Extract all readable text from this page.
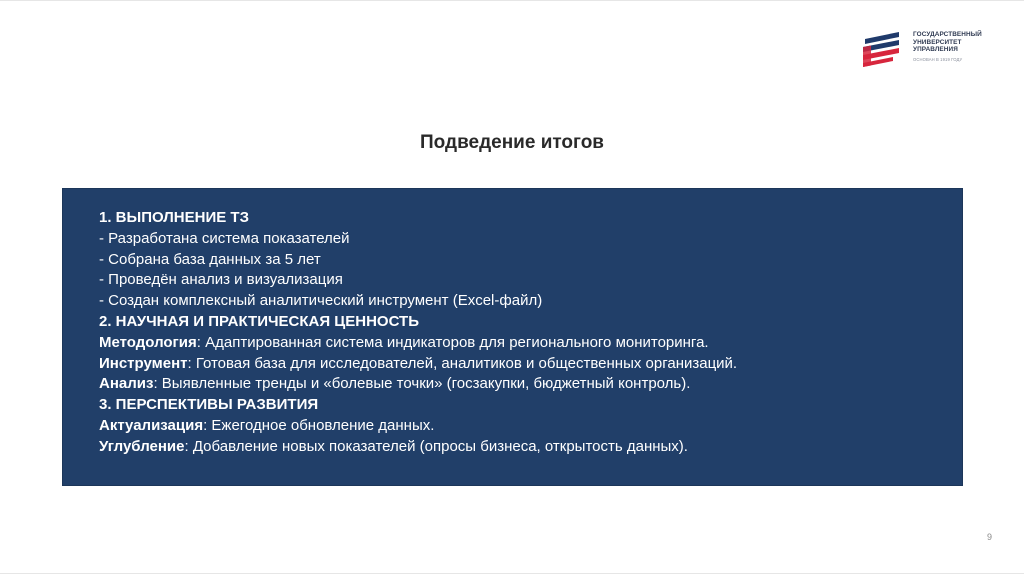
ГОСУДАРСТВЕННЫЙ
УНИВЕРСИТЕТ
УПРАВЛЕНИЯ
ОСНОВАН В 1919 ГОДУ
Подведение итогов
1. ВЫПОЛНЕНИЕ ТЗ
- Разработана система показателей
- Собрана база данных за 5 лет
- Проведён анализ и визуализация
- Создан комплексный аналитический инструмент (Excel-файл)
2. НАУЧНАЯ И ПРАКТИЧЕСКАЯ ЦЕННОСТЬ
Методология: Адаптированная система индикаторов для регионального мониторинга.
Инструмент: Готовая база для исследователей, аналитиков и общественных организаций.
Анализ: Выявленные тренды и «болевые точки» (госзакупки, бюджетный контроль).
3. ПЕРСПЕКТИВЫ РАЗВИТИЯ
Актуализация: Ежегодное обновление данных.
Углубление: Добавление новых показателей (опросы бизнеса, открытость данных).
9
